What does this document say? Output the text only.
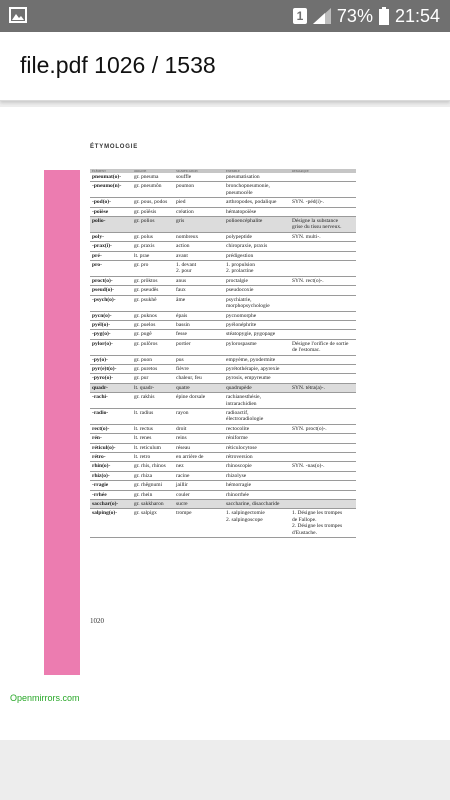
1 73% 21:54
file.pdf 1026 / 1538
ÉTYMOLOGIE
ÉLÉMENT	ORIGINE	SIGNIFICATION	EXEMPLE	REMARQUE
pneumat(o)-	gr. pneuma	souffle	pneumatisation	
-pneumo(n)-	gr. pneumôn	poumon	bronchopneumonie,
pneumocèle	
-pod(o)-	gr. pous, podos	pied	arthropodes, podalique	SYN. -péd(i)-.
-poïèse	gr. poïêsis	création	hématopoïèse	
polio-	gr. polios	gris	polioencéphalite	Désigne la substance
grise du tissu nerveux.
poly-	gr. polus	nombreux	polypeptide	SYN. multi-.
-prax(i)-	gr. praxis	action	chiropraxie, praxis	
pré-	lt. prae	avant	prédigestion	
pro-	gr. pro	1. devant
2. pour	1. propulsion
2. prolactine	
proct(o)-	gr. prôktos	anus	proctalgie	SYN. rect(o)-.
pseud(o)-	gr. pseudês	faux	pseudocoxie	
-psych(o)-	gr. psukhê	âme	psychiatrie,
morphopsychologie	
pycn(o)-	gr. puknos	épais	pycnomorphe	
pyél(o)-	gr. puelos	bassin	pyélonéphrite	
-pyg(o)-	gr. pugê	fesse	stéatopygie, pygopage	
pylor(o)-	gr. pulôros	portier	pylorospasme	Désigne l'orifice de sortie
de l'estomac.
-py(o)-	gr. puon	pus	empyème, pyodermite	
pyr(e)t(o)-	gr. puretos	fièvre	pyrétothérapie, apyrexie	
-pyro(o)-	gr. pur	chaleur, feu	pyrosis, empyreume	
quadr-	lt. quadr-	quatre	quadrupède	SYN. tétra(a)-.
-rachi-	gr. rakhis	épine dorsale	rachianesthésie,
intrarachidien	
-radio-	lt. radius	rayon	radioactif,
électroradiologie	
rect(o)-	lt. rectus	droit	rectocolite	SYN. proct(o)-.
rén-	lt. renes	reins	réniforme	
réticul(o)-	lt. reticulum	réseau	réticulocytose	
rétro-	lt. retro	en arrière de	rétroversion	
rhin(o)-	gr. rhis, rhinos	nez	rhinoscopie	SYN. -nas(o)-.
rhiz(o)-	gr. rhiza	racine	rhizolyse	
-rragie	gr. rhêgnumi	jaillir	hémorragie	
-rrhée	gr. rhein	couler	rhinorrhée	
sacchar(o)-	gr. sakkharon	sucre	saccharine, disaccharide	
salping(o)-	gr. salpigx	trompe	1. salpingectomie
2. salpingoscope	1. Désigne les trompes
de Fallope.
2. Désigne les trompes
d'Eustache.
1020
Openmirrors.com
